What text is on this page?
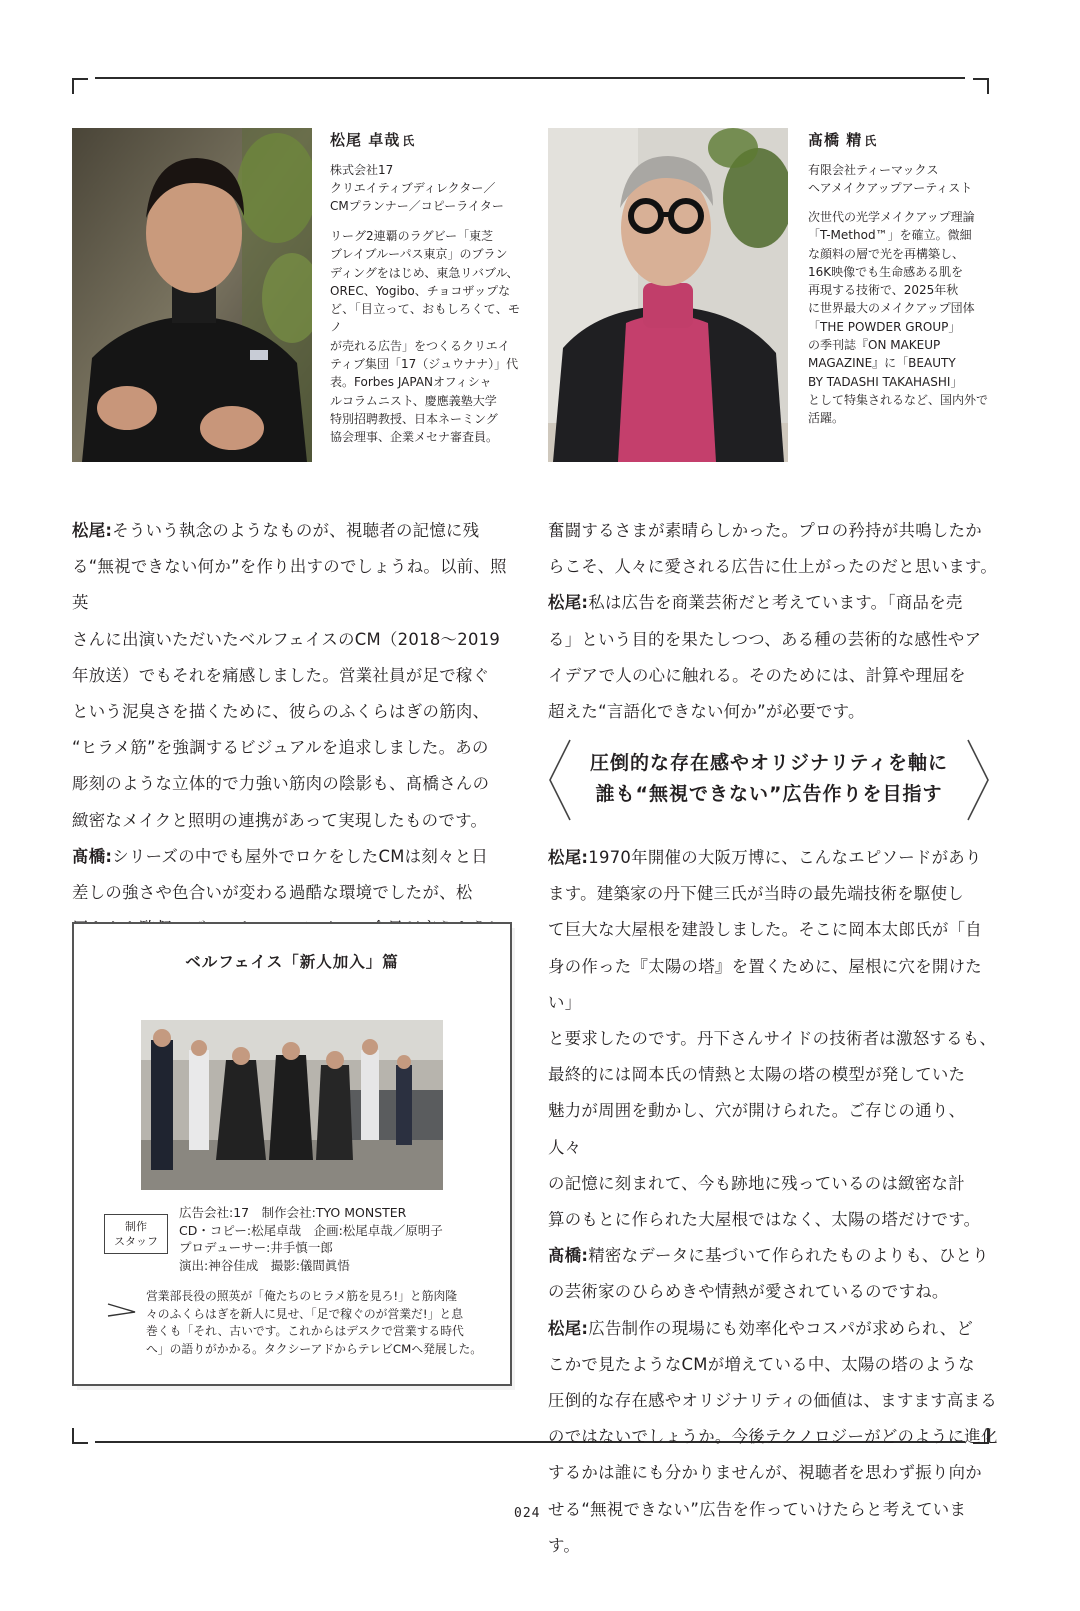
松尾 卓哉 氏
株式会社17
クリエイティブディレクター／
CMプランナー／コピーライター
リーグ2連覇のラグビー「東芝
ブレイブルーパス東京」のブラン
ディングをはじめ、東急リバブル、
OREC、Yogibo、チョコザップな
ど、「目立って、おもしろくて、モノ
が売れる広告」をつくるクリエイ
ティブ集団「17（ジュウナナ）」代
表。Forbes JAPANオフィシャ
ルコラムニスト、慶應義塾大学
特別招聘教授、日本ネーミング
協会理事、企業メセナ審査員。
髙橋 精 氏
有限会社ティーマックス
ヘアメイクアップアーティスト
次世代の光学メイクアップ理論
「T-Method™」を確立。微細
な顔料の層で光を再構築し、
16K映像でも生命感ある肌を
再現する技術で、2025年秋
に世界最大のメイクアップ団体
「THE POWDER GROUP」
の季刊誌『ON MAKEUP
MAGAZINE』に「BEAUTY
BY TADASHI TAKAHASHI」
として特集されるなど、国内外で
活躍。

松尾:そういう執念のようなものが、視聴者の記憶に残
る“無視できない何か”を作り出すのでしょうね。以前、照英
さんに出演いただいたベルフェイスのCM（2018〜2019
年放送）でもそれを痛感しました。営業社員が足で稼ぐ
という泥臭さを描くために、彼らのふくらはぎの筋肉、
“ヒラメ筋”を強調するビジュアルを追求しました。あの
彫刻のような立体的で力強い筋肉の陰影も、髙橋さんの
緻密なメイクと照明の連携があって実現したものです。

髙橋:シリーズの中でも屋外でロケをしたCMは刻々と日
差しの強さや色合いが変わる過酷な環境でしたが、松

奮闘するさまが素晴らしかった。プロの矜持が共鳴したか
らこそ、人々に愛される広告に仕上がったのだと思います。

松尾:私は広告を商業芸術だと考えています。「商品を売
る」という目的を果たしつつ、ある種の芸術的な感性やア
イデアで人の心に触れる。そのためには、計算や理屈を
超えた“言語化できない何か”が必要です。

圧倒的な存在感やオリジナリティを軸に
誰も“無視できない”広告作りを目指す

松尾:1970年開催の大阪万博に、こんなエピソードがあり
ます。建築家の丹下健三氏が当時の最先端技術を駆使し
て巨大な大屋根を建設しました。そこに岡本太郎氏が「自
身の作った『太陽の塔』を置くために、屋根に穴を開けたい」
と要求したのです。丹下さんサイドの技術者は激怒するも、
最終的には岡本氏の情熱と太陽の塔の模型が発していた
魅力が周囲を動かし、穴が開けられた。ご存じの通り、人々
の記憶に刻まれて、今も跡地に残っているのは緻密な計
算のもとに作られた大屋根ではなく、太陽の塔だけです。

髙橋:精密なデータに基づいて作られたものよりも、ひとり
の芸術家のひらめきや情熱が愛されているのですね。

松尾:広告制作の現場にも効率化やコスパが求められ、ど
こかで見たようなCMが増えている中、太陽の塔のような
圧倒的な存在感やオリジナリティの価値は、ますます高まる
のではないでしょうか。今後テクノロジーがどのように進化
するかは誰にも分かりませんが、視聴者を思わず振り向か
せる“無視できない”広告を作っていけたらと考えています。

ベルフェイス「新人加入」篇
広告会社:17　制作会社:TYO MONSTER
CD・コピー:松尾卓哉　企画:松尾卓哉／原明子
プロデューサー:井手慎一郎
演出:神谷佳成　撮影:儀間眞悟
制作
スタッフ
営業部長役の照英が「俺たちのヒラメ筋を見ろ!」と筋肉隆
々のふくらはぎを新人に見せ、「足で稼ぐのが営業だ!」と息
巻くも「それ、古いです。これからはデスクで営業する時代
へ」の語りがかかる。タクシーアドからテレビCMへ発展した。
024
